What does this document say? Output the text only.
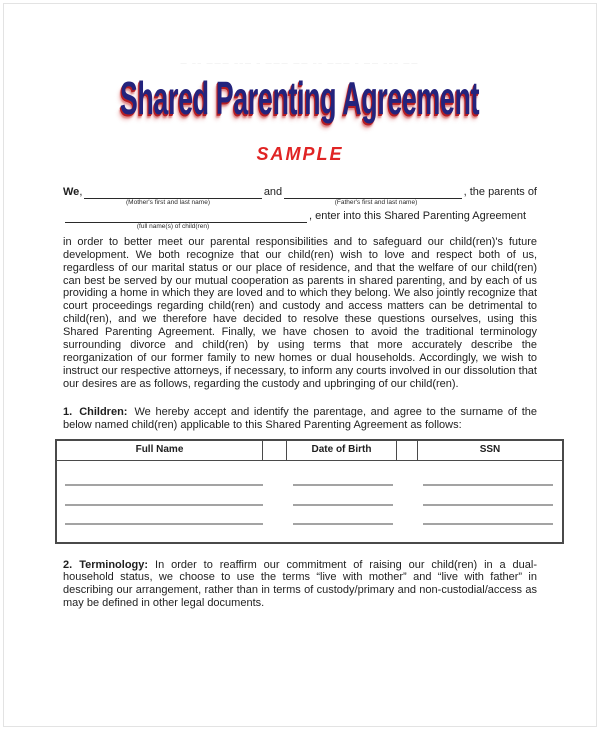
— –– ——— ––— – ——— —— –– ——— – —— ––– ——
Shared Parenting Agreement
SAMPLE
We ,	and	, the parents of
(Mother's first and last name)	(Father's first and last name)
, enter into this Shared Parenting Agreement
(full name(s) of child(ren)

in order to better meet our parental responsibilities and to safeguard our child(ren)'s future development. We both recognize that our child(ren) wish to love and respect both of us, regardless of our marital status or our place of residence, and that the welfare of our child(ren) can best be served by our mutual cooperation as parents in shared parenting, and by each of us providing a home in which they are loved and to which they belong. We also jointly recognize that court proceedings regarding child(ren) and custody and access matters can be detrimental to child(ren), and we therefore have decided to resolve these questions ourselves, using this Shared Parenting Agreement. Finally, we have chosen to avoid the traditional terminology surrounding divorce and child(ren) by using terms that more accurately describe the reorganization of our former family to new homes or dual households. Accordingly, we wish to instruct our respective attorneys, if necessary, to inform any courts involved in our dissolution that our desires are as follows, regarding the custody and upbringing of our child(ren).

1. Children: We hereby accept and identify the parentage, and agree to the surname of the below named child(ren) applicable to this Shared Parenting Agreement as follows:

Full Name	Date of Birth	SSN

2. Terminology: In order to reaffirm our commitment of raising our child(ren) in a dual-household status, we choose to use the terms “live with mother” and “live with father” in describing our arrangement, rather than in terms of custody/primary and non-custodial/access as may be defined in other legal documents.
